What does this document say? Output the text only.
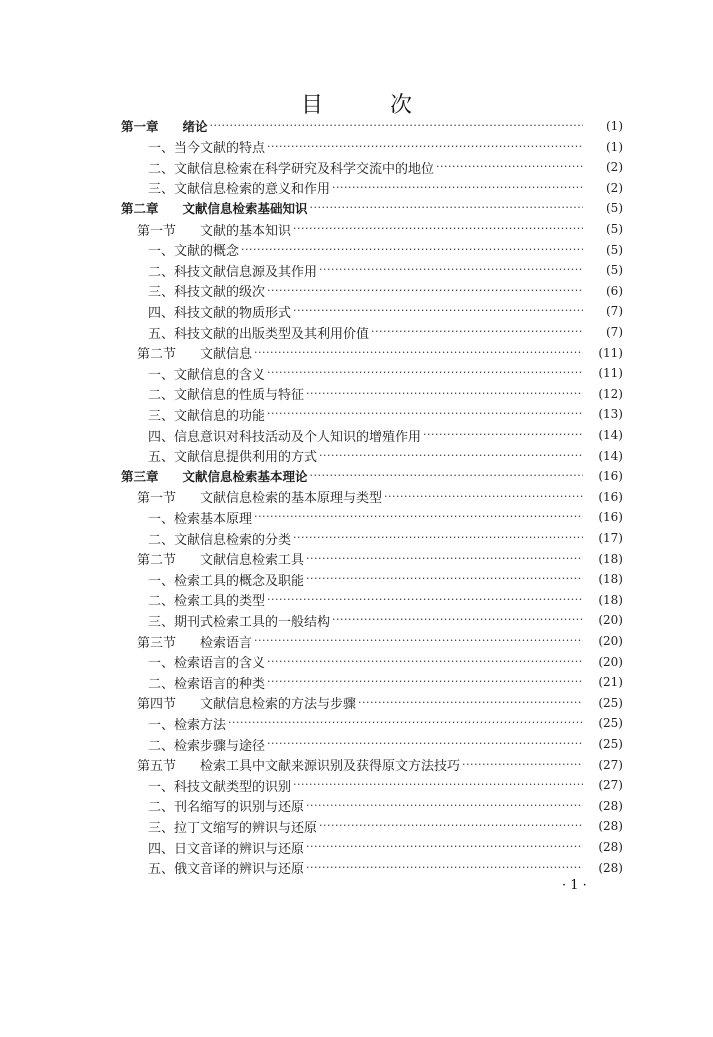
目 次
第一章 绪论 ·····	(1)
一、当今文献的特点 ·····	(1)
二、文献信息检索在科学研究及科学交流中的地位 ·····	(2)
三、文献信息检索的意义和作用 ·····	(2)
第二章 文献信息检索基础知识 ·····	(5)
第一节 文献的基本知识 ·····	(5)
一、文献的概念 ·····	(5)
二、科技文献信息源及其作用 ·····	(5)
三、科技文献的级次 ·····	(6)
四、科技文献的物质形式 ·····	(7)
五、科技文献的出版类型及其利用价值 ·····	(7)
第二节 文献信息 ·····	(11)
一、文献信息的含义 ·····	(11)
二、文献信息的性质与特征 ·····	(12)
三、文献信息的功能 ·····	(13)
四、信息意识对科技活动及个人知识的增殖作用 ·····	(14)
五、文献信息提供利用的方式 ·····	(14)
第三章 文献信息检索基本理论 ·····	(16)
第一节 文献信息检索的基本原理与类型 ·····	(16)
一、检索基本原理 ·····	(16)
二、文献信息检索的分类 ·····	(17)
第二节 文献信息检索工具 ·····	(18)
一、检索工具的概念及职能 ·····	(18)
二、检索工具的类型 ·····	(18)
三、期刊式检索工具的一般结构 ·····	(20)
第三节 检索语言 ·····	(20)
一、检索语言的含义 ·····	(20)
二、检索语言的种类 ·····	(21)
第四节 文献信息检索的方法与步骤 ·····	(25)
一、检索方法 ·····	(25)
二、检索步骤与途径 ·····	(25)
第五节 检索工具中文献来源识别及获得原文方法技巧 ·····	(27)
一、科技文献类型的识别 ·····	(27)
二、刊名缩写的识别与还原 ·····	(28)
三、拉丁文缩写的辨识与还原 ·····	(28)
四、日文音译的辨识与还原 ·····	(28)
五、俄文音译的辨识与还原 ·····	(28)
· 1 ·
